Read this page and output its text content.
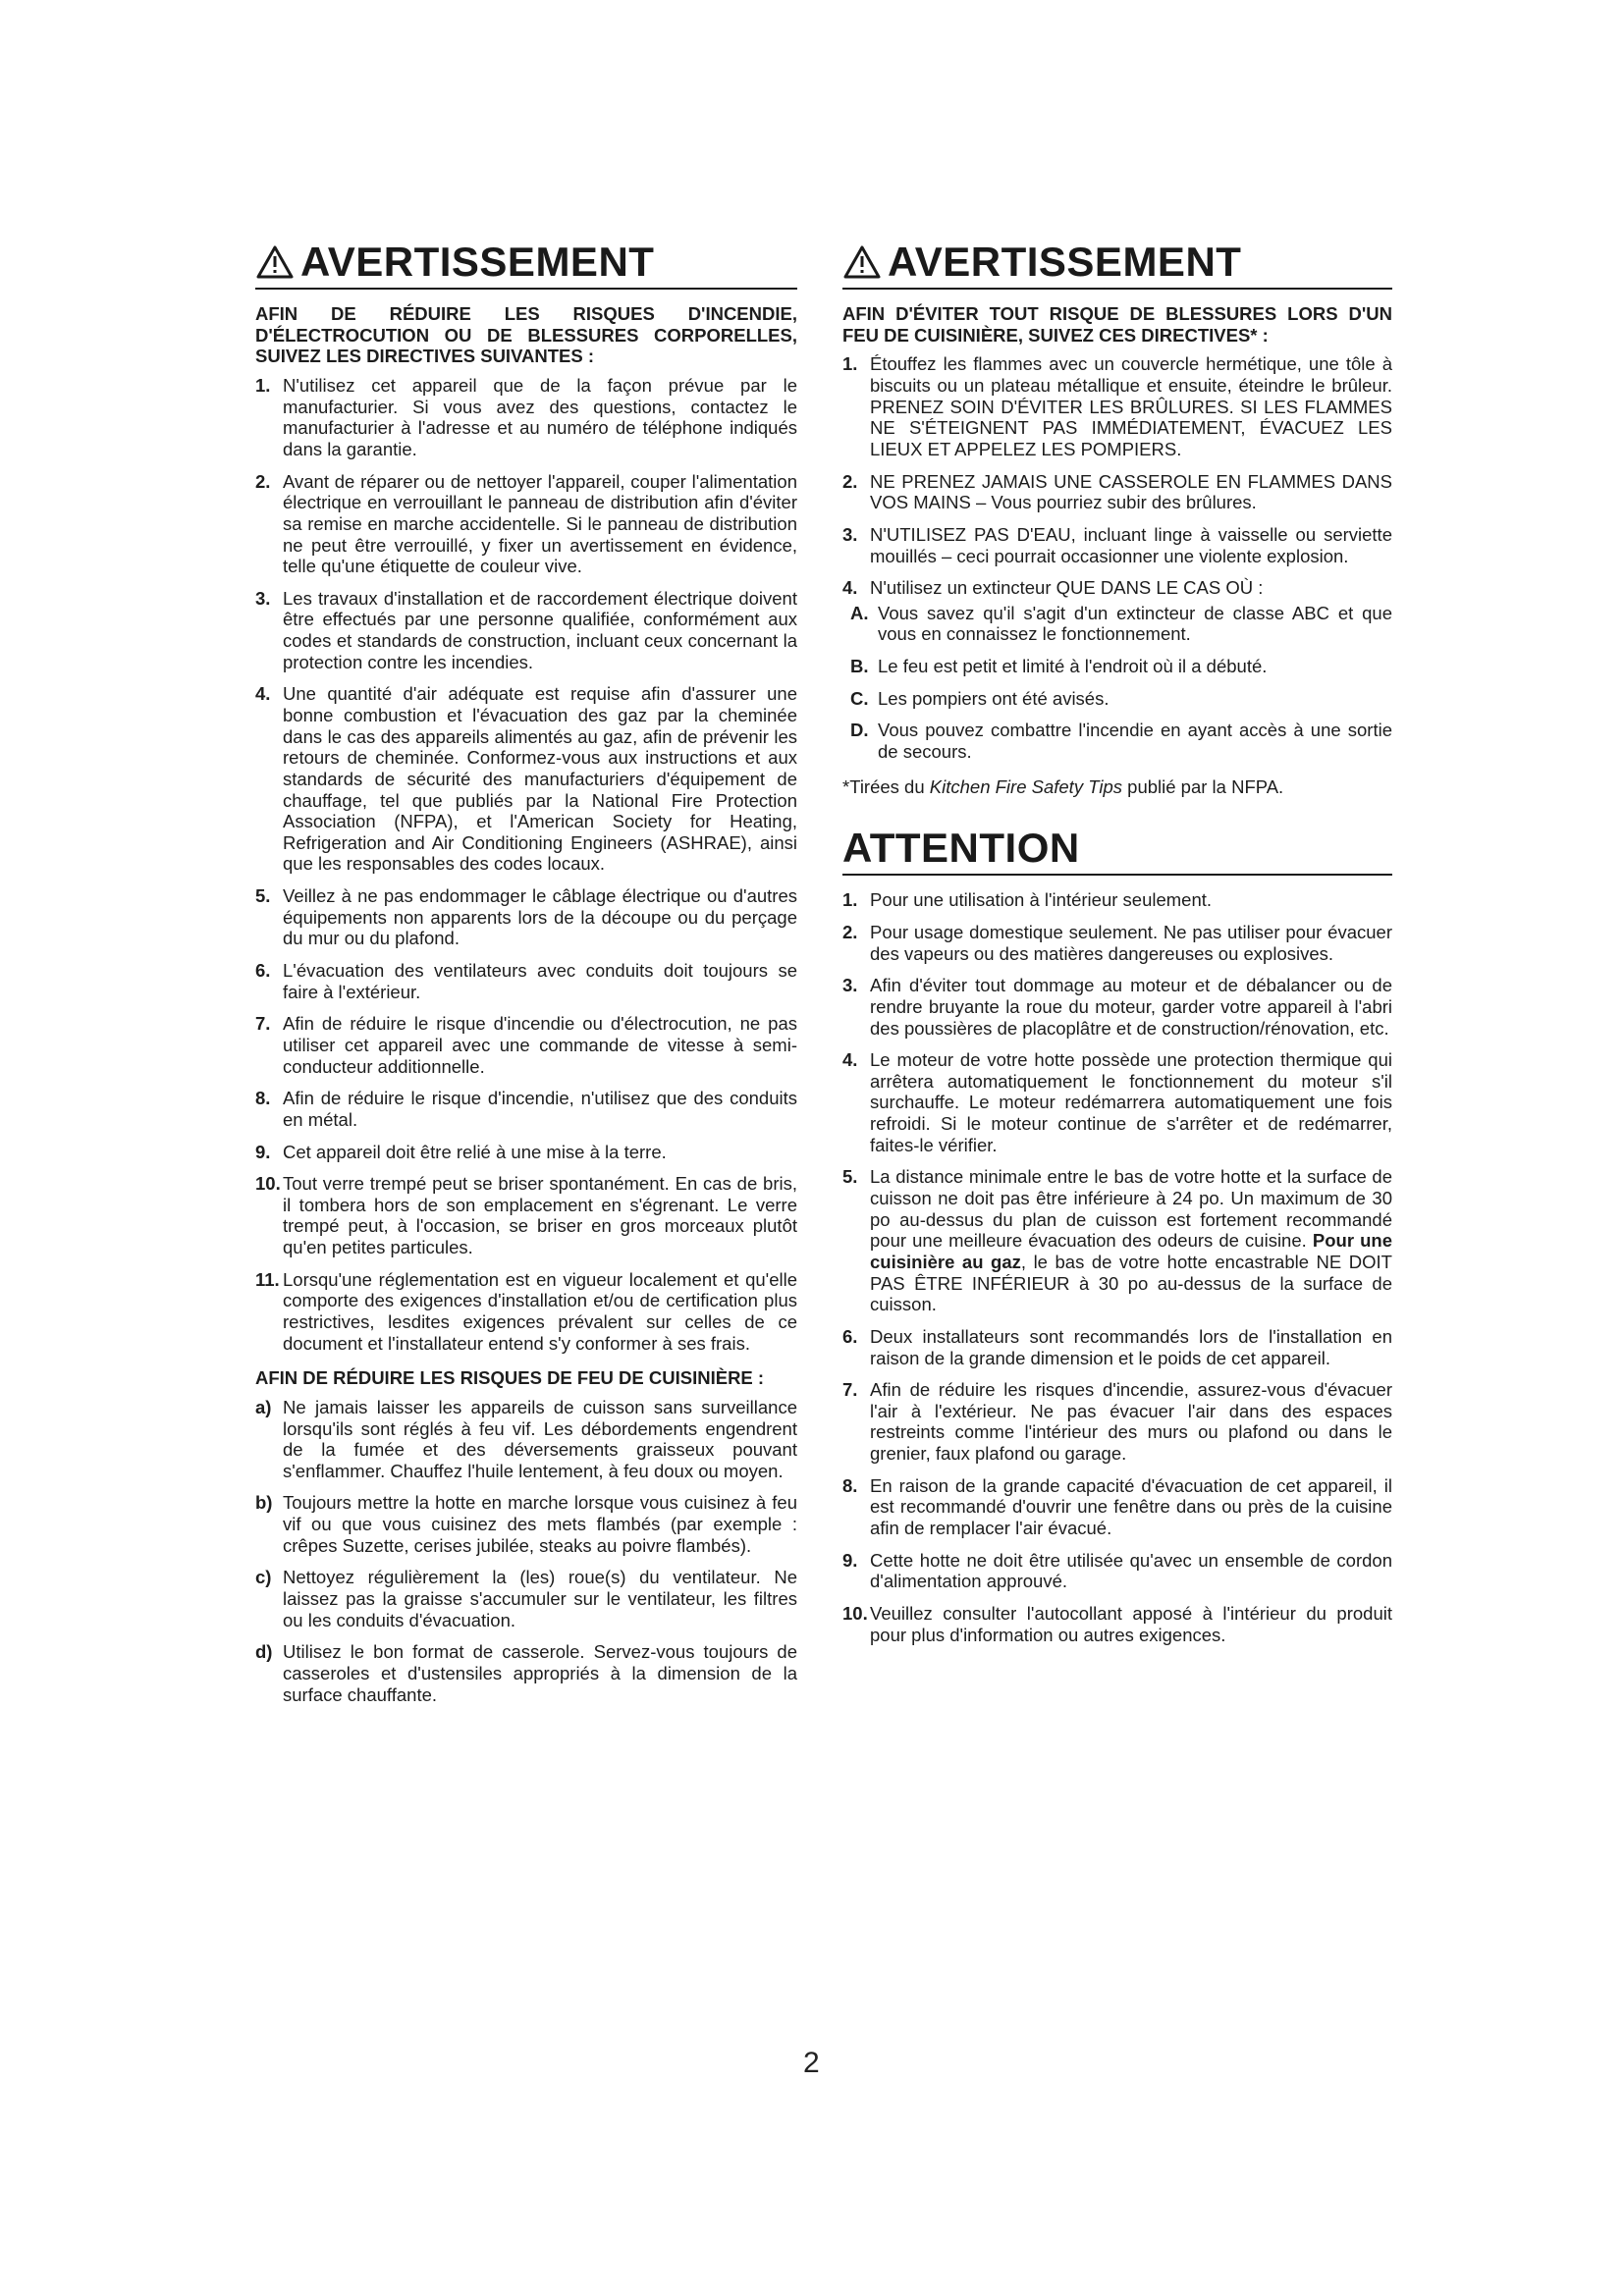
AVERTISSEMENT
AFIN DE RÉDUIRE LES RISQUES D'INCENDIE, D'ÉLECTROCUTION OU DE BLESSURES CORPORELLES, SUIVEZ LES DIRECTIVES SUIVANTES :
1. N'utilisez cet appareil que de la façon prévue par le manufacturier. Si vous avez des questions, contactez le manufacturier à l'adresse et au numéro de téléphone indiqués dans la garantie.
2. Avant de réparer ou de nettoyer l'appareil, couper l'alimentation électrique en verrouillant le panneau de distribution afin d'éviter sa remise en marche accidentelle. Si le panneau de distribution ne peut être verrouillé, y fixer un avertissement en évidence, telle qu'une étiquette de couleur vive.
3. Les travaux d'installation et de raccordement électrique doivent être effectués par une personne qualifiée, conformément aux codes et standards de construction, incluant ceux concernant la protection contre les incendies.
4. Une quantité d'air adéquate est requise afin d'assurer une bonne combustion et l'évacuation des gaz par la cheminée dans le cas des appareils alimentés au gaz, afin de prévenir les retours de cheminée. Conformez-vous aux instructions et aux standards de sécurité des manufacturiers d'équipement de chauffage, tel que publiés par la National Fire Protection Association (NFPA), et l'American Society for Heating, Refrigeration and Air Conditioning Engineers (ASHRAE), ainsi que les responsables des codes locaux.
5. Veillez à ne pas endommager le câblage électrique ou d'autres équipements non apparents lors de la découpe ou du perçage du mur ou du plafond.
6. L'évacuation des ventilateurs avec conduits doit toujours se faire à l'extérieur.
7. Afin de réduire le risque d'incendie ou d'électrocution, ne pas utiliser cet appareil avec une commande de vitesse à semi-conducteur additionnelle.
8. Afin de réduire le risque d'incendie, n'utilisez que des conduits en métal.
9. Cet appareil doit être relié à une mise à la terre.
10. Tout verre trempé peut se briser spontanément. En cas de bris, il tombera hors de son emplacement en s'égrenant. Le verre trempé peut, à l'occasion, se briser en gros morceaux plutôt qu'en petites particules.
11. Lorsqu'une réglementation est en vigueur localement et qu'elle comporte des exigences d'installation et/ou de certification plus restrictives, lesdites exigences prévalent sur celles de ce document et l'installateur entend s'y conformer à ses frais.
AFIN DE RÉDUIRE LES RISQUES DE FEU DE CUISINIÈRE :
a) Ne jamais laisser les appareils de cuisson sans surveillance lorsqu'ils sont réglés à feu vif. Les débordements engendrent de la fumée et des déversements graisseux pouvant s'enflammer. Chauffez l'huile lentement, à feu doux ou moyen.
b) Toujours mettre la hotte en marche lorsque vous cuisinez à feu vif ou que vous cuisinez des mets flambés (par exemple : crêpes Suzette, cerises jubilée, steaks au poivre flambés).
c) Nettoyez régulièrement la (les) roue(s) du ventilateur. Ne laissez pas la graisse s'accumuler sur le ventilateur, les filtres ou les conduits d'évacuation.
d) Utilisez le bon format de casserole. Servez-vous toujours de casseroles et d'ustensiles appropriés à la dimension de la surface chauffante.
AVERTISSEMENT
AFIN D'ÉVITER TOUT RISQUE DE BLESSURES LORS D'UN FEU DE CUISINIÈRE, SUIVEZ CES DIRECTIVES* :
1. Étouffez les flammes avec un couvercle hermétique, une tôle à biscuits ou un plateau métallique et ensuite, éteindre le brûleur. PRENEZ SOIN D'ÉVITER LES BRÛLURES. SI LES FLAMMES NE S'ÉTEIGNENT PAS IMMÉDIATEMENT, ÉVACUEZ LES LIEUX ET APPELEZ LES POMPIERS.
2. NE PRENEZ JAMAIS UNE CASSEROLE EN FLAMMES DANS VOS MAINS – Vous pourriez subir des brûlures.
3. N'UTILISEZ PAS D'EAU, incluant linge à vaisselle ou serviette mouillés – ceci pourrait occasionner une violente explosion.
4. N'utilisez un extincteur QUE DANS LE CAS OÙ :
A. Vous savez qu'il s'agit d'un extincteur de classe ABC et que vous en connaissez le fonctionnement.
B. Le feu est petit et limité à l'endroit où il a débuté.
C. Les pompiers ont été avisés.
D. Vous pouvez combattre l'incendie en ayant accès à une sortie de secours.
*Tirées du Kitchen Fire Safety Tips publié par la NFPA.
ATTENTION
1. Pour une utilisation à l'intérieur seulement.
2. Pour usage domestique seulement. Ne pas utiliser pour évacuer des vapeurs ou des matières dangereuses ou explosives.
3. Afin d'éviter tout dommage au moteur et de débalancer ou de rendre bruyante la roue du moteur, garder votre appareil à l'abri des poussières de placoplâtre et de construction/rénovation, etc.
4. Le moteur de votre hotte possède une protection thermique qui arrêtera automatiquement le fonctionnement du moteur s'il surchauffe. Le moteur redémarrera automatiquement une fois refroidi. Si le moteur continue de s'arrêter et de redémarrer, faites-le vérifier.
5. La distance minimale entre le bas de votre hotte et la surface de cuisson ne doit pas être inférieure à 24 po. Un maximum de 30 po au-dessus du plan de cuisson est fortement recommandé pour une meilleure évacuation des odeurs de cuisine. Pour une cuisinière au gaz, le bas de votre hotte encastrable NE DOIT PAS ÊTRE INFÉRIEUR à 30 po au-dessus de la surface de cuisson.
6. Deux installateurs sont recommandés lors de l'installation en raison de la grande dimension et le poids de cet appareil.
7. Afin de réduire les risques d'incendie, assurez-vous d'évacuer l'air à l'extérieur. Ne pas évacuer l'air dans des espaces restreints comme l'intérieur des murs ou plafond ou dans le grenier, faux plafond ou garage.
8. En raison de la grande capacité d'évacuation de cet appareil, il est recommandé d'ouvrir une fenêtre dans ou près de la cuisine afin de remplacer l'air évacué.
9. Cette hotte ne doit être utilisée qu'avec un ensemble de cordon d'alimentation approuvé.
10. Veuillez consulter l'autocollant apposé à l'intérieur du produit pour plus d'information ou autres exigences.
2
